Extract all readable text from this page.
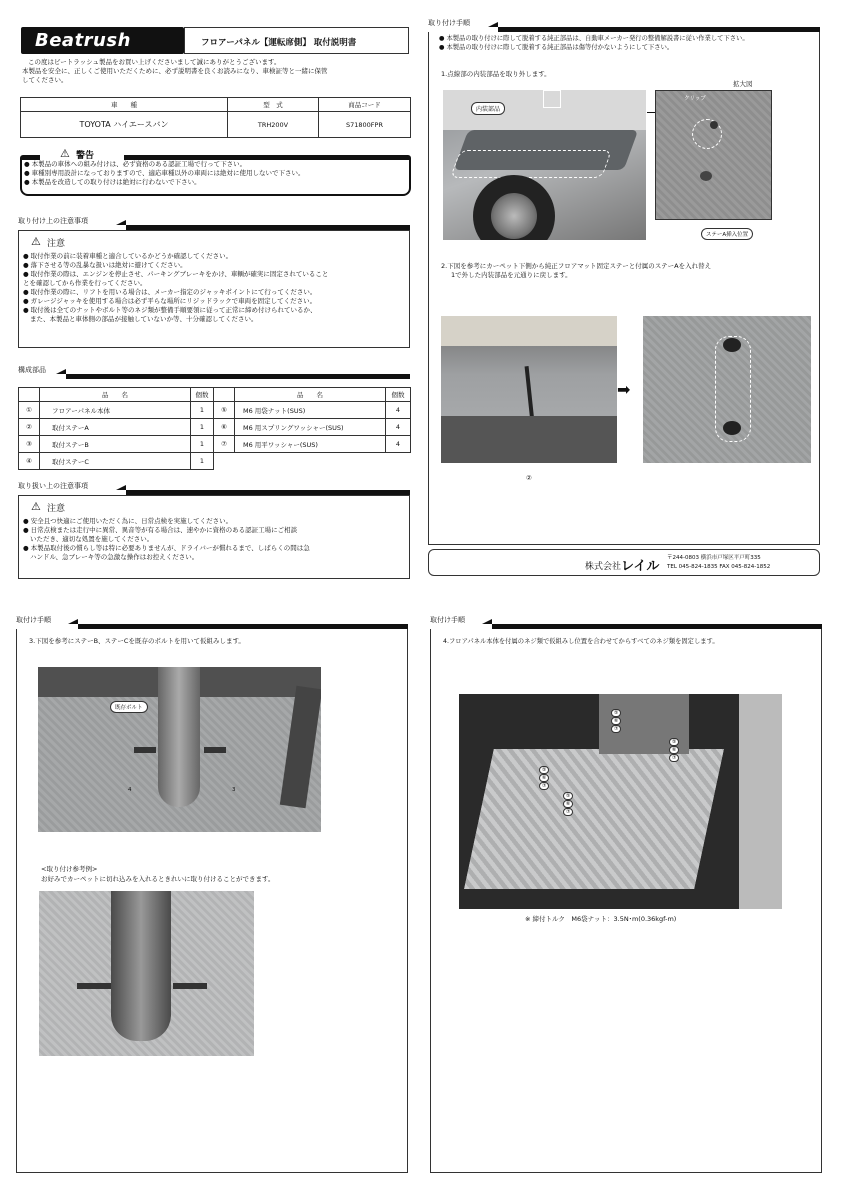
Beatrush	フロアーパネル【運転席側】 取付説明書
この度はビートラッシュ製品をお買い上げくださいまして誠にありがとうございます。
本製品を安全に、正しくご使用いただくために、必ず説明書を良くお読みになり、車検証等と一緒に保管
してください。
車　　種	型　式	商品コード
TOYOTA ハイエースバン	TRH200V	S71800FPR
⚠ 警告
● 本製品の車体への組み付けは、必ず資格のある認証工場で行って下さい。
● 車種別専用設計になっておりますので、適応車種以外の車両には絶対に使用しないで下さい。
● 本製品を改造しての取り付けは絶対に行わないで下さい。
取り付け上の注意事項
⚠ 注意
● 取付作業の前に装着車種と適合しているかどうか確認してください。
● 落下させる等の乱暴な扱いは絶対に避けてください。
● 取付作業の際は、エンジンを停止させ、パーキングブレーキをかけ、車輌が確実に固定されていること
とを確認してから作業を行ってください。
● 取付作業の際に、リフトを用いる場合は、メーカー指定のジャッキポイントにて行ってください。
● ガレージジャッキを使用する場合は必ず平らな場所にリジッドラックで車両を固定してください。
● 取付後は全てのナットやボルト等のネジ類が整備手順要領に従って正常に締め付けられているか、
また、本製品と車体側の部品が接触していないか等、十分確認してください。
構成部品
	品　　名	個数		品　　名	個数
①	フロアーパネル本体	1	⑤	M6 用袋ナット(SUS)	4
②	取付ステーA	1	⑥	M6 用スプリングワッシャー(SUS)	4
③	取付ステーB	1	⑦	M6 用平ワッシャー(SUS)	4
④	取付ステーC	1			
取り扱い上の注意事項
⚠ 注意
● 安全且つ快適にご使用いただく為に、日常点検を実施してください。
● 日常点検または走行中に異常、異音等が有る場合は、速やかに資格のある認証工場にご相談
いただき、適切な処置を施してください。
● 本製品取付後の慣らし等は特に必要ありませんが、ドライバーが慣れるまで、しばらくの間は急
ハンドル、急ブレーキ等の急激な操作はお控えください。
取り付け手順
● 本製品の取り付けに際して脱着する純正部品は、自動車メーカー発行の整備解説書に従い作業して下さい。
● 本製品の取り付けに際して脱着する純正部品は傷等付かないようにして下さい。
1.点線部の内装部品を取り外します。
拡大図
内装部品
クリップ
ステーA挿入位置
2.下図を参考にカーペット下側から純正フロアマット固定ステーと付属のステーAを入れ替え
1で外した内装部品を元通りに戻します。
➡
②
株式会社 レイル
〒244-0803 横浜市戸塚区平戸町335
TEL 045-824-1835 FAX 045-824-1852
取付け手順
3.下図を参考にステーB、ステーCを既存のボルトを用いて仮組みします。
既存ボルト
4	3
<取り付け参考例>
お好みでカーペットに切れ込みを入れるときれいに取り付けることができます。
取付け手順
4.フロアパネル本体を付属のネジ類で仮組みし位置を合わせてからすべてのネジ類を固定します。
⑤
⑥
⑦
⑤
⑥
⑦
⑤
⑥
⑦
⑤
⑥
⑦
※ 締付トルク　M6袋ナット：3.5N･m(0.36kgf-m)
